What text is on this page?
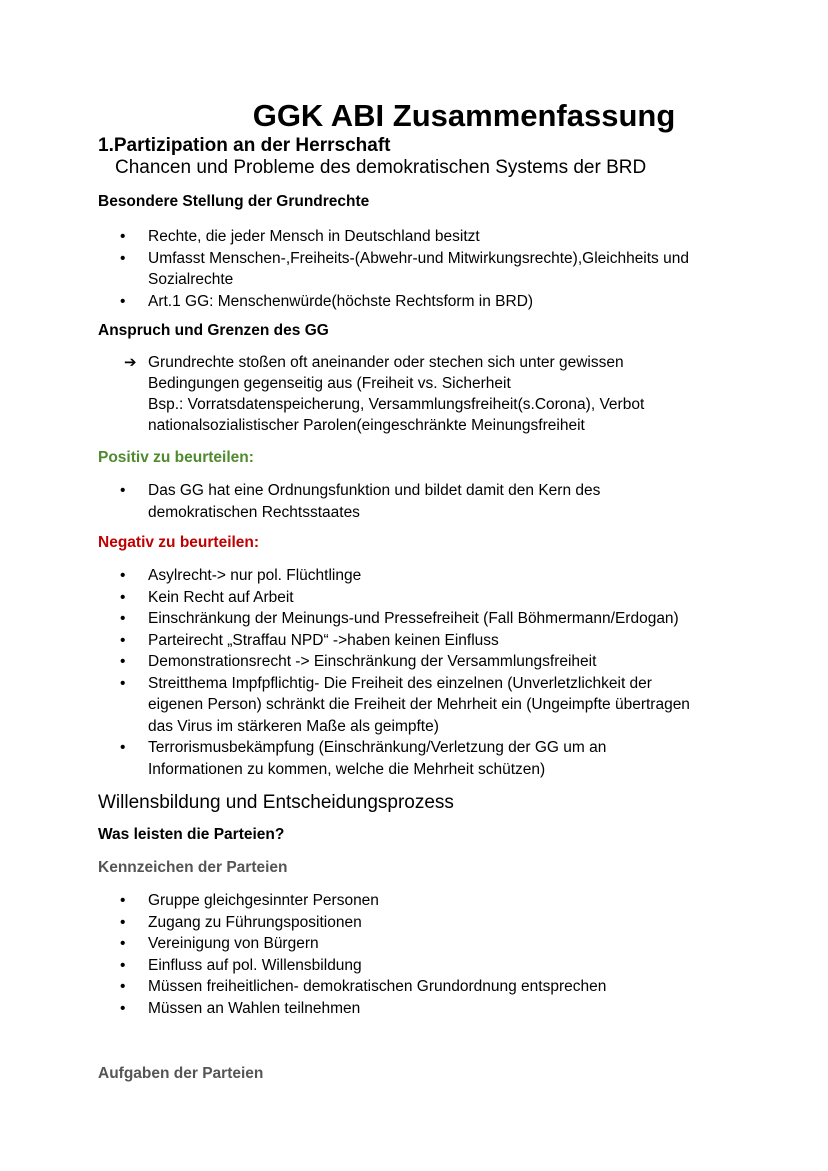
GGK ABI Zusammenfassung
1.Partizipation an der Herrschaft
Chancen und Probleme des demokratischen Systems der BRD
Besondere Stellung der Grundrechte
•	Rechte, die jeder Mensch in Deutschland besitzt
•	Umfasst Menschen-,Freiheits-(Abwehr-und Mitwirkungsrechte),Gleichheits und Sozialrechte
•	Art.1 GG: Menschenwürde(höchste Rechtsform in BRD)
Anspruch und Grenzen des GG
➔ Grundrechte stoßen oft aneinander oder stechen sich unter gewissen
Bedingungen gegenseitig aus (Freiheit vs. Sicherheit
Bsp.: Vorratsdatenspeicherung, Versammlungsfreiheit(s.Corona), Verbot
nationalsozialistischer Parolen(eingeschränkte Meinungsfreiheit
Positiv zu beurteilen:
•	Das GG hat eine Ordnungsfunktion und bildet damit den Kern des demokratischen Rechtsstaates
Negativ zu beurteilen:
•	Asylrecht-> nur pol. Flüchtlinge
•	Kein Recht auf Arbeit
•	Einschränkung der Meinungs-und Pressefreiheit (Fall Böhmermann/Erdogan)
•	Parteirecht „Straffau NPD“ ->haben keinen Einfluss
•	Demonstrationsrecht -> Einschränkung der Versammlungsfreiheit
•	Streitthema Impfpflichtig- Die Freiheit des einzelnen (Unverletzlichkeit der eigenen Person) schränkt die Freiheit der Mehrheit ein (Ungeimpfte übertragen das Virus im stärkeren Maße als geimpfte)
•	Terrorismusbekämpfung (Einschränkung/Verletzung der GG um an Informationen zu kommen, welche die Mehrheit schützen)
Willensbildung und Entscheidungsprozess
Was leisten die Parteien?
Kennzeichen der Parteien
•	Gruppe gleichgesinnter Personen
•	Zugang zu Führungspositionen
•	Vereinigung von Bürgern
•	Einfluss auf pol. Willensbildung
•	Müssen freiheitlichen- demokratischen Grundordnung entsprechen
•	Müssen an Wahlen teilnehmen
Aufgaben der Parteien
